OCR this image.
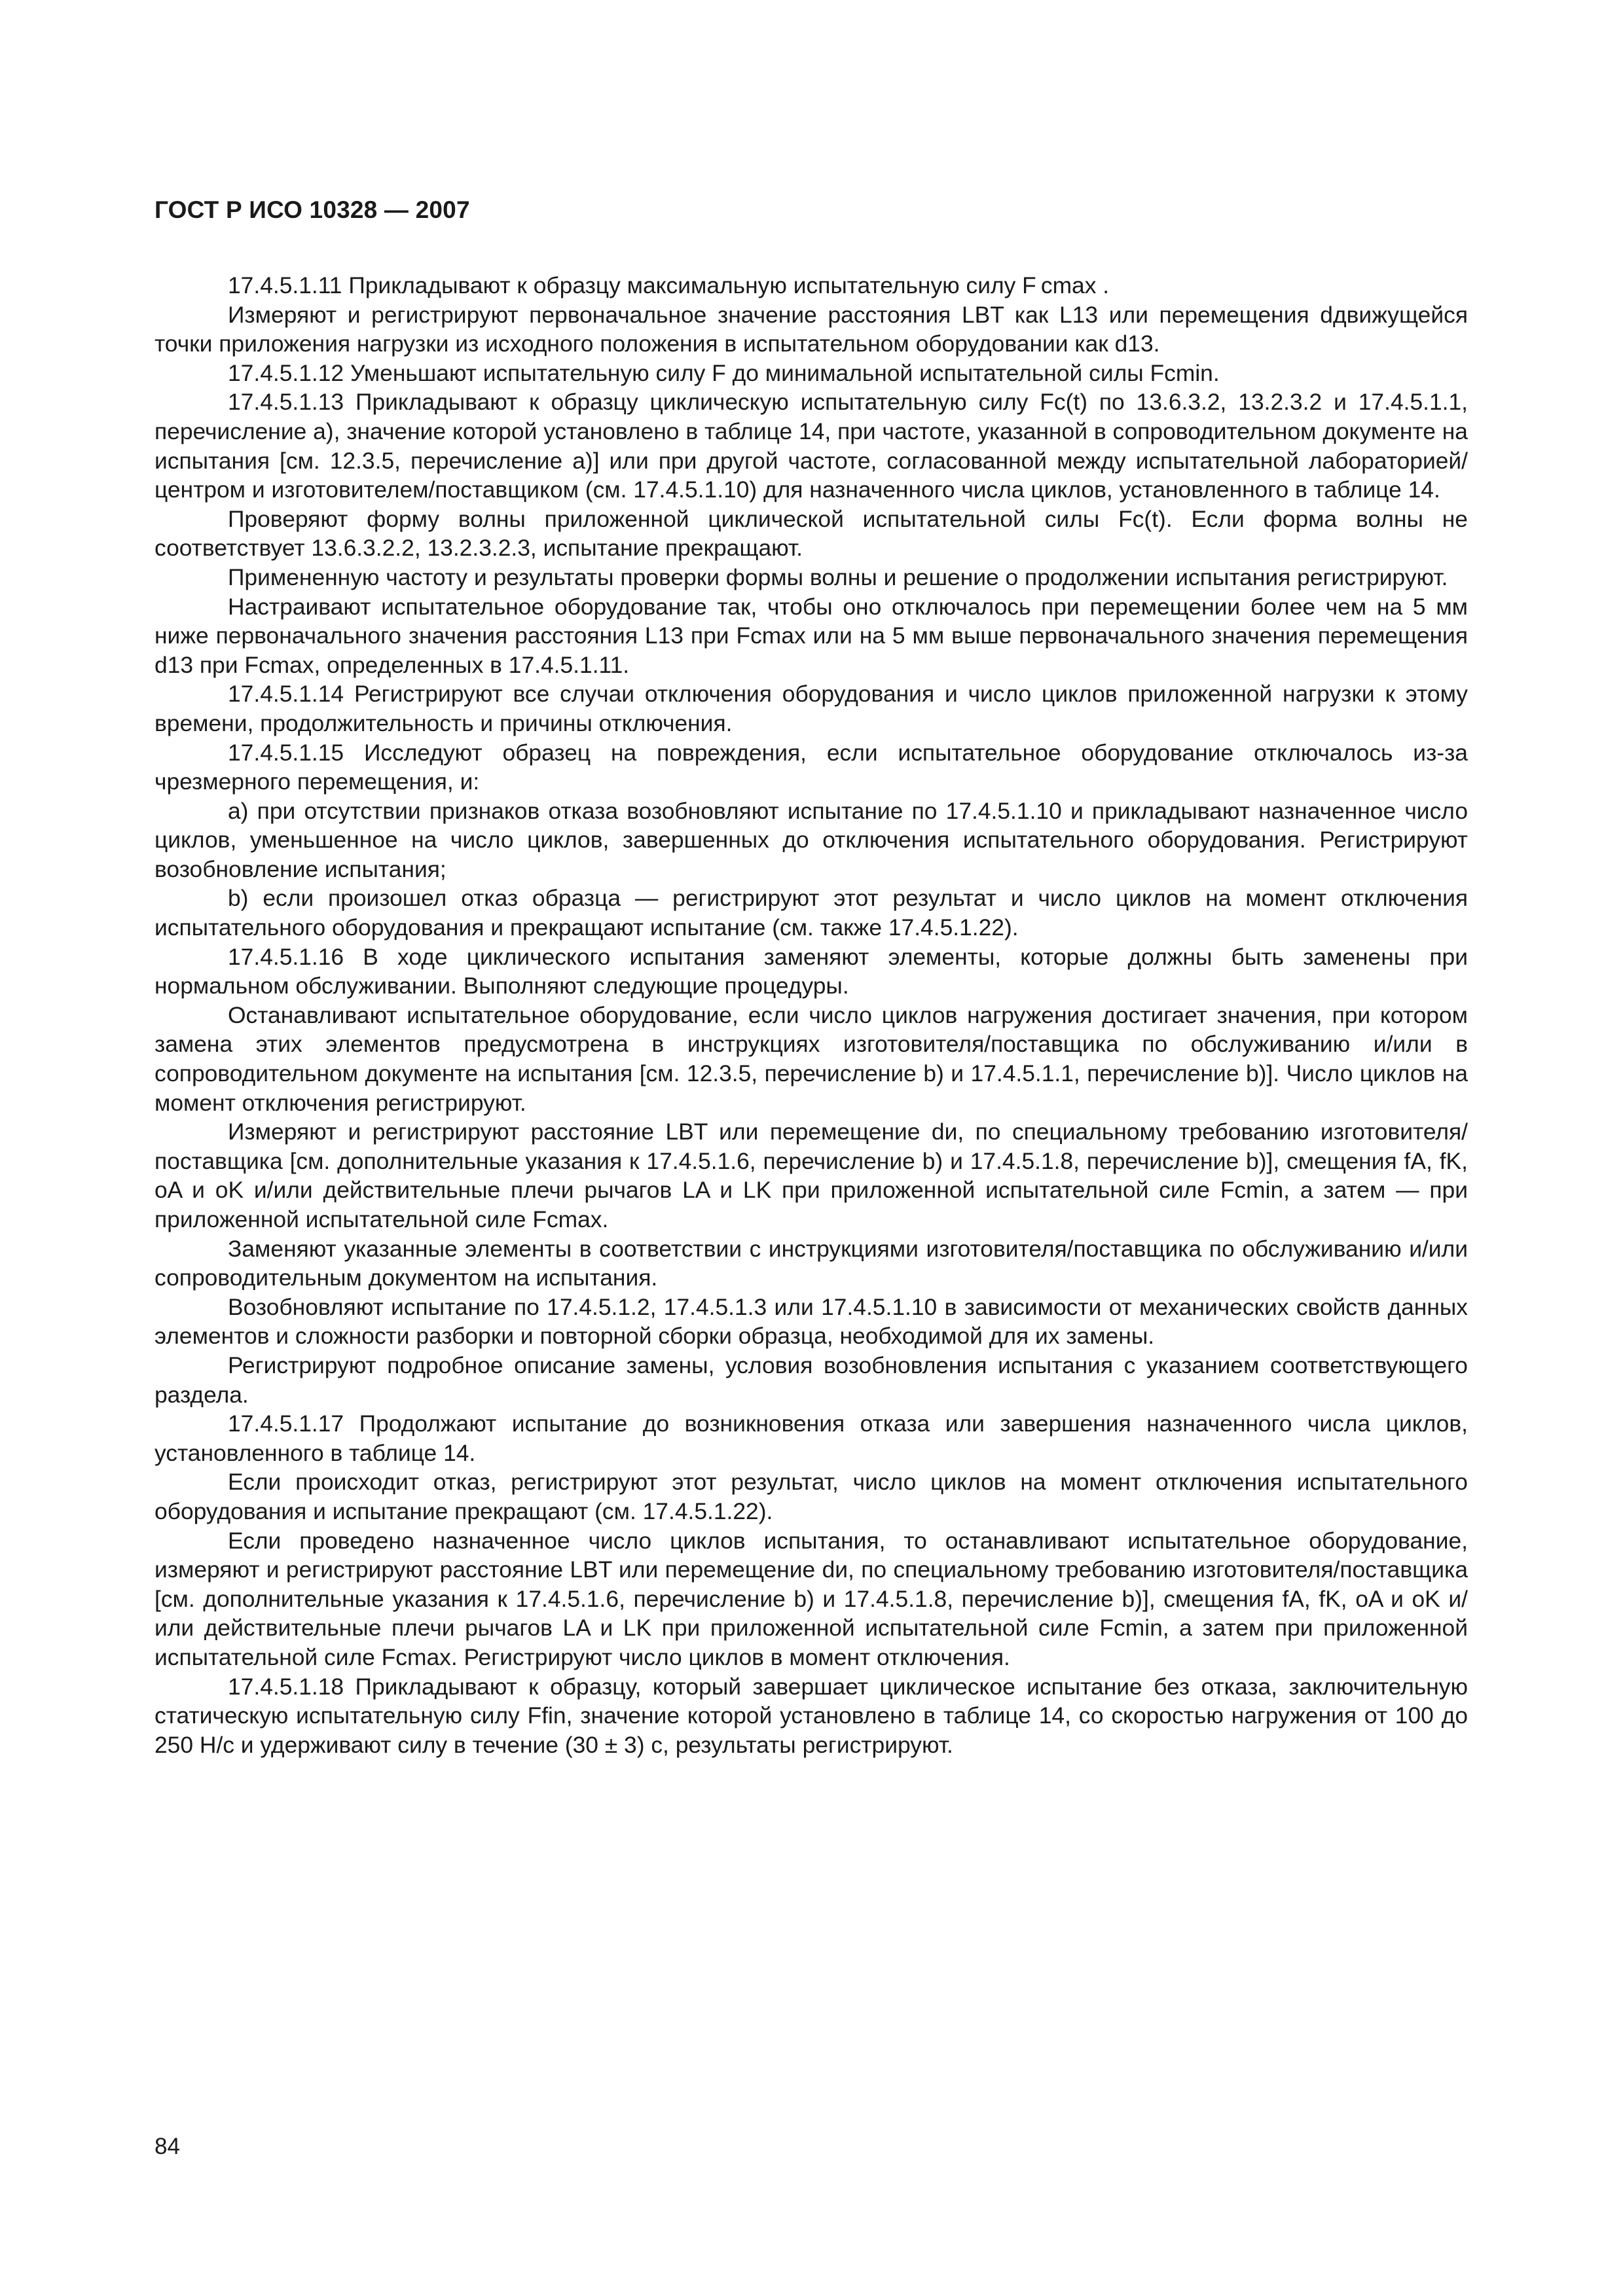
ГОСТ Р ИСО 10328 — 2007

17.4.5.1.11 Прикладывают к образцу максимальную испытательную силу F cmax .

Измеряют и регистрируют первоначальное значение расстояния LBT как L13 или перемещения dдвижущейся точки приложения нагрузки из исходного положения в испытательном оборудовании как d13.

17.4.5.1.12 Уменьшают испытательную силу F до минимальной испытательной силы Fcmin.

17.4.5.1.13 Прикладывают к образцу циклическую испытательную силу Fc(t) по 13.6.3.2, 13.2.3.2 и 17.4.5.1.1, перечисление а), значение которой установлено в таблице 14, при частоте, указанной в сопроводительном документе на испытания [см. 12.3.5, перечисление а)] или при другой частоте, согласованной между испытательной лабораторией/центром и изготовителем/поставщиком (см. 17.4.5.1.10) для назначенного числа циклов, установленного в таблице 14.

Проверяют форму волны приложенной циклической испытательной силы Fc(t). Если форма волны не соответствует 13.6.3.2.2, 13.2.3.2.3, испытание прекращают.

Примененную частоту и результаты проверки формы волны и решение о продолжении испытания регистрируют.

Настраивают испытательное оборудование так, чтобы оно отключалось при перемещении более чем на 5 мм ниже первоначального значения расстояния L13 при Fcmax или на 5 мм выше первоначального значения перемещения d13 при Fcmax, определенных в 17.4.5.1.11.

17.4.5.1.14 Регистрируют все случаи отключения оборудования и число циклов приложенной нагрузки к этому времени, продолжительность и причины отключения.

17.4.5.1.15 Исследуют образец на повреждения, если испытательное оборудование отключалось из-за чрезмерного перемещения, и:

а) при отсутствии признаков отказа возобновляют испытание по 17.4.5.1.10 и прикладывают назначенное число циклов, уменьшенное на число циклов, завершенных до отключения испытательного оборудования. Регистрируют возобновление испытания;

b) если произошел отказ образца — регистрируют этот результат и число циклов на момент отключения испытательного оборудования и прекращают испытание (см. также 17.4.5.1.22).

17.4.5.1.16 В ходе циклического испытания заменяют элементы, которые должны быть заменены при нормальном обслуживании. Выполняют следующие процедуры.

Останавливают испытательное оборудование, если число циклов нагружения достигает значения, при котором замена этих элементов предусмотрена в инструкциях изготовителя/поставщика по обслуживанию и/или в сопроводительном документе на испытания [см. 12.3.5, перечисление b) и 17.4.5.1.1, перечисление b)]. Число циклов на момент отключения регистрируют.

Измеряют и регистрируют расстояние LBT или перемещение dи, по специальному требованию изготовителя/поставщика [см. дополнительные указания к 17.4.5.1.6, перечисление b) и 17.4.5.1.8, перечисление b)], смещения fA, fK, oA и oK и/или действительные плечи рычагов LA и LK при приложенной испытательной силе Fcmin, а затем — при приложенной испытательной силе Fcmax.

Заменяют указанные элементы в соответствии с инструкциями изготовителя/поставщика по обслуживанию и/или сопроводительным документом на испытания.

Возобновляют испытание по 17.4.5.1.2, 17.4.5.1.3 или 17.4.5.1.10 в зависимости от механических свойств данных элементов и сложности разборки и повторной сборки образца, необходимой для их замены.

Регистрируют подробное описание замены, условия возобновления испытания с указанием соответствующего раздела.

17.4.5.1.17 Продолжают испытание до возникновения отказа или завершения назначенного числа циклов, установленного в таблице 14.

Если происходит отказ, регистрируют этот результат, число циклов на момент отключения испытательного оборудования и испытание прекращают (см. 17.4.5.1.22).

Если проведено назначенное число циклов испытания, то останавливают испытательное оборудование, измеряют и регистрируют расстояние LBT или перемещение dи, по специальному требованию изготовителя/поставщика [см. дополнительные указания к 17.4.5.1.6, перечисление b) и 17.4.5.1.8, перечисление b)], смещения fA, fK, oA и oK и/или действительные плечи рычагов LA и LK при приложенной испытательной силе Fcmin, а затем при приложенной испытательной силе Fcmax. Регистрируют число циклов в момент отключения.

17.4.5.1.18 Прикладывают к образцу, который завершает циклическое испытание без отказа, заключительную статическую испытательную силу Ffin, значение которой установлено в таблице 14, со скоростью нагружения от 100 до 250 Н/с и удерживают силу в течение (30 ± 3) с, результаты регистрируют.

84
